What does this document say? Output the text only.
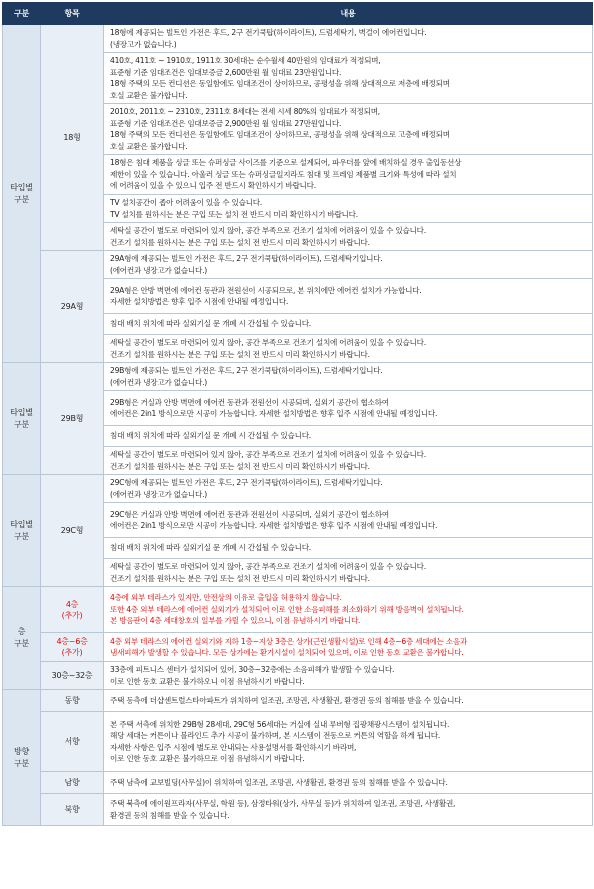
구분	항목	내용

타입별
구분	18형	18형에 제공되는 빌트인 가전은 후드, 2구 전기쿡탑(하이라이트), 드럼세탁기, 벽걸이 에어컨입니다.
(냉장고가 없습니다.)

		410호, 411호 ~ 1910호, 1911호 30세대는 순수월세 40만원의 임대료가 적정되며,
표준형 기준 임대조건은 임대보증금 2,600만원 월 임대료 23만원입니다.
18형 주택의 모든 컨디션은 동일함에도 임대조건이 상이하므로, 공평성을 위해 상대적으로 저층에 배정되며
호실 교환은 불가합니다.

		2010호, 2011호 ~ 2310호, 2311호 8세대는 전세 시세 80%의 임대료가 적정되며,
표준형 기준 임대조건은 임대보증금 2,900만원 월 임대료 27만원입니다.
18형 주택의 모든 컨디션은 동일함에도 임대조건이 상이하므로, 공평성을 위해 상대적으로 고층에 배정되며
호실 교환은 불가합니다.

		18형은 침대 제품을 싱글 또는 슈퍼싱글 사이즈를 기준으로 설계되어, 파우더를 앞에 배치하실 경우 출입동선상
제한이 있을 수 있습니다. 아울러 싱글 또는 슈퍼싱글일지라도 침대 및 프레임 제품별 크기와 특성에 따라 설치
에 어려움이 있을 수 있으니 입주 전 반드시 확인하시기 바랍니다.

		TV 설치공간이 좁아 어려움이 있을 수 있습니다.
TV 설치를 원하시는 분은 구입 또는 설치 전 반드시 미리 확인하시기 바랍니다.

		세탁실 공간이 별도로 마련되어 있지 않아, 공간 부족으로 건조기 설치에 어려움이 있을 수 있습니다.
건조기 설치를 원하시는 분은 구입 또는 설치 전 반드시 미리 확인하시기 바랍니다.

	29A형	29A형에 제공되는 빌트인 가전은 후드, 2구 전기쿡탑(하이라이트), 드럼세탁기입니다.
(에어컨과 냉장고가 없습니다.)

		29A형은 안방 벽면에 에어컨 동관과 전원선이 시공되므로, 본 위치에만 에어컨 설치가 가능합니다.
자세한 설치방법은 향후 입주 시점에 안내될 예정입니다.

		침대 배치 위치에 따라 실외기실 문 개폐 시 간섭될 수 있습니다.

		세탁실 공간이 별도로 마련되어 있지 않아, 공간 부족으로 건조기 설치에 어려움이 있을 수 있습니다.
건조기 설치를 원하시는 분은 구입 또는 설치 전 반드시 미리 확인하시기 바랍니다.

타입별
구분	29B형	29B형에 제공되는 빌트인 가전은 후드, 2구 전기쿡탑(하이라이트), 드럼세탁기입니다.
(에어컨과 냉장고가 없습니다.)

		29B형은 거실과 안방 벽면에 에어컨 동관과 전원선이 시공되며, 실외기 공간이 협소하여
에어컨은 2in1 방식으로만 시공이 가능합니다. 자세한 설치방법은 향후 입주 시점에 안내될 예정입니다.

		침대 배치 위치에 따라 실외기실 문 개폐 시 간섭될 수 있습니다.

		세탁실 공간이 별도로 마련되어 있지 않아, 공간 부족으로 건조기 설치에 어려움이 있을 수 있습니다.
건조기 설치를 원하시는 분은 구입 또는 설치 전 반드시 미리 확인하시기 바랍니다.

타입별
구분	29C형	29C형에 제공되는 빌트인 가전은 후드, 2구 전기쿡탑(하이라이트), 드럼세탁기입니다.
(에어컨과 냉장고가 없습니다.)

		29C형은 거실과 안방 벽면에 에어컨 동관과 전원선이 시공되며, 실외기 공간이 협소하여
에어컨은 2in1 방식으로만 시공이 가능합니다. 자세한 설치방법은 향후 입주 시점에 안내될 예정입니다.

		침대 배치 위치에 따라 실외기실 문 개폐 시 간섭될 수 있습니다.

		세탁실 공간이 별도로 마련되어 있지 않아, 공간 부족으로 건조기 설치에 어려움이 있을 수 있습니다.
건조기 설치를 원하시는 분은 구입 또는 설치 전 반드시 미리 확인하시기 바랍니다.

층
구분	4층
(추가)	4층에 외부 테라스가 있지만, 안전상의 이유로 출입을 허용하지 않습니다.
또한 4층 외부 테라스에 에어컨 실외기가 설치되어 이로 인한 소음피해를 최소화하기 위해 방음벽이 설치됩니다.
본 방음판이 4층 세대창호의 일부를 가릴 수 있으니, 이점 유념하시기 바랍니다.

	4층~6층
(추가)	4층 외부 테라스의 에어컨 실외기와 지하 1층~지상 3층은 상가(근린생활시설)로 인해 4층~6층 세대에는 소음과
냄새피해가 발생할 수 있습니다. 모든 상가에는 환기시설이 설치되어 있으며, 이로 인한 동호 교환은 불가합니다.

	30층~32층	33층에 피트니스 센터가 설치되어 있어, 30층~32층에는 소음피해가 발생할 수 있습니다.
이로 인한 동호 교환은 불가하오니 이점 유념하시기 바랍니다.

방향
구분	동향	주택 동측에 더샵센트럴스타아파트가 위치하여 일조권, 조망권, 사생활권, 환경권 등의 침해를 받을 수 있습니다.

	서향	본 주택 서측에 위치한 29B형 28세대, 29C형 56세대는 거실에 실내 루버형 집광채광시스템이 설치됩니다.
해당 세대는 커튼이나 블라인드 추가 시공이 불가하며, 본 시스템이 전동으로 커튼의 역할을 하게 됩니다.
자세한 사항은 입주 시점에 별도로 안내되는 사용설명서를 확인하시기 바라며,
이로 인한 동호 교환은 불가하므로 이점 유념하시기 바랍니다.

	남향	주택 남측에 교보빌딩(사무실)이 위치하여 일조권, 조망권, 사생활권, 환경권 등의 침해를 받을 수 있습니다.

	북향	주택 북측에 에이원프라자(사무실, 학원 등), 삼정타워(상가, 사무실 등)가 위치하여 일조권, 조망권, 사생활권,
환경권 등의 침해를 받을 수 있습니다.
